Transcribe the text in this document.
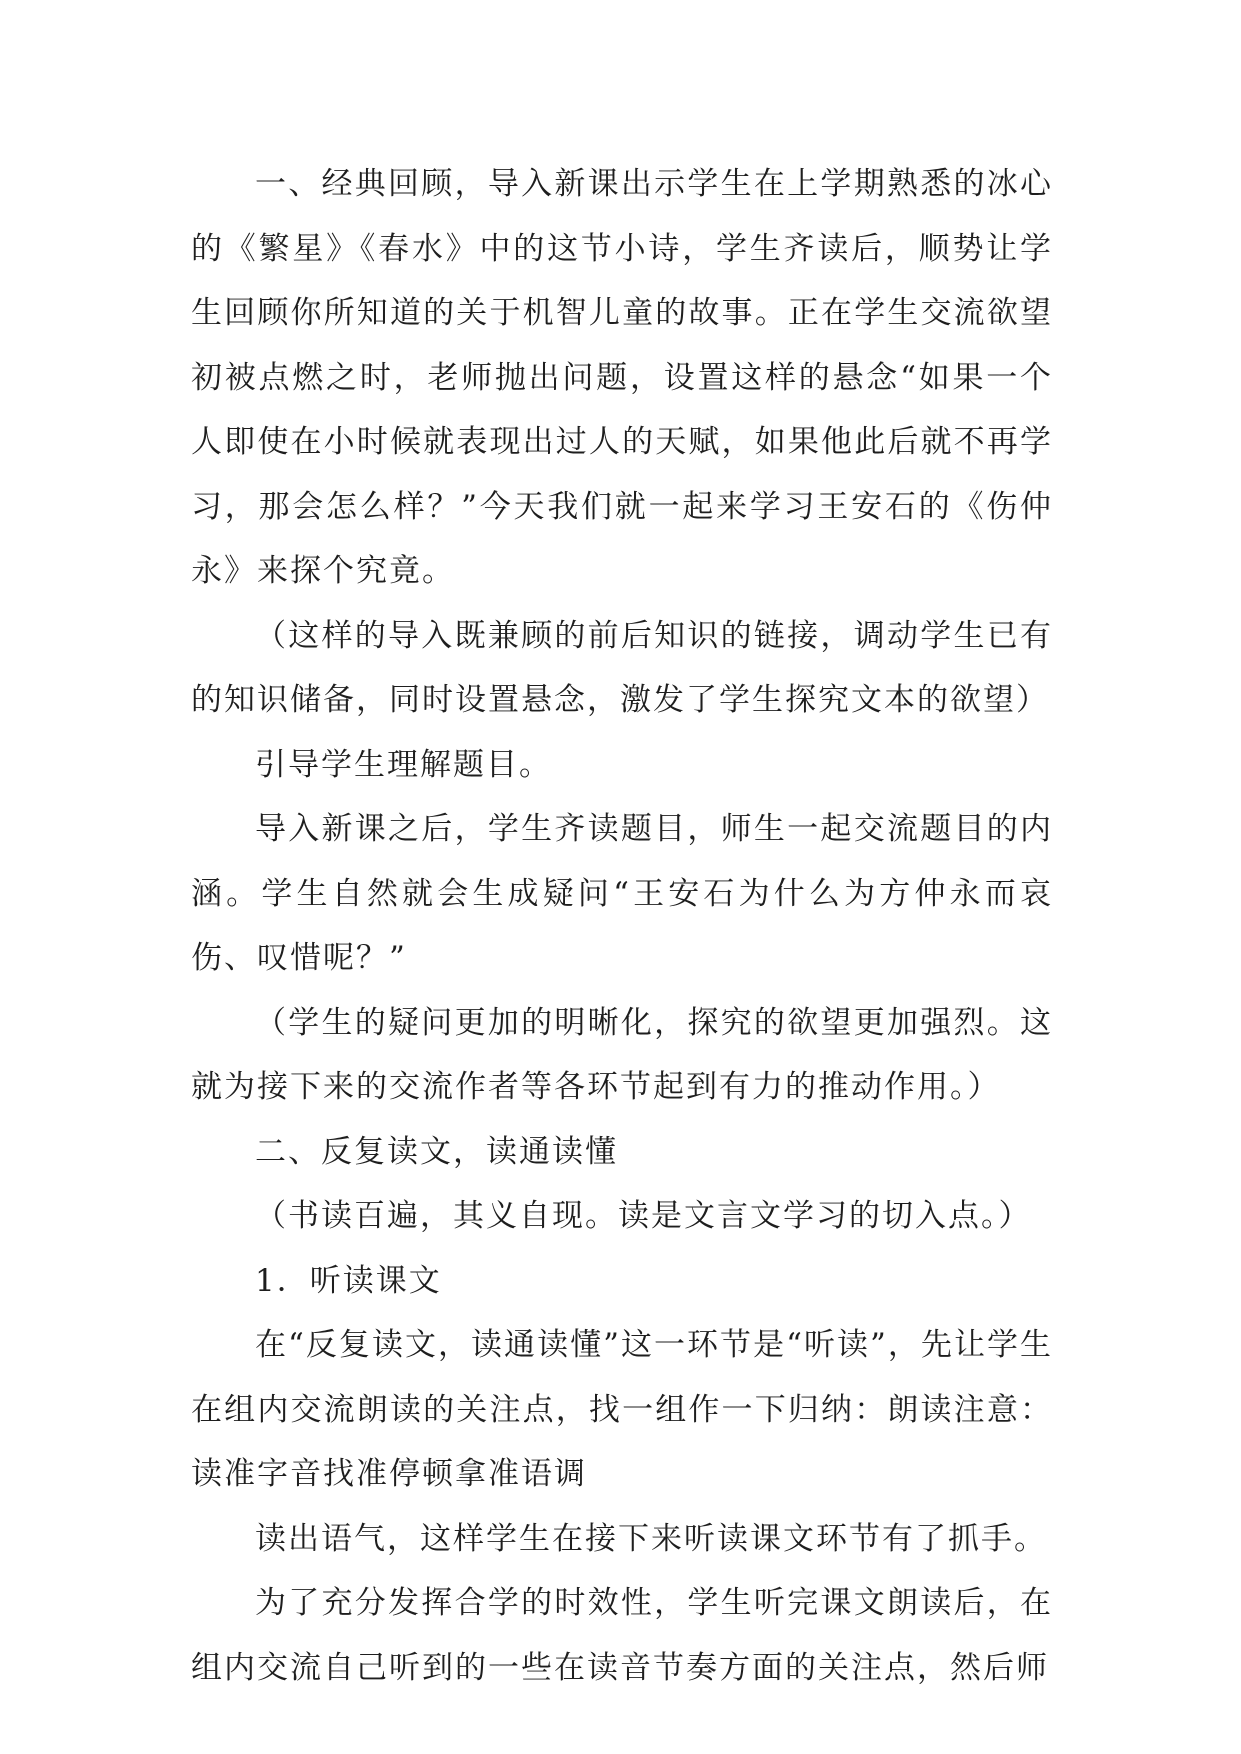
一、经典回顾，导入新课出示学生在上学期熟悉的冰心的《繁星》《春水》中的这节小诗，学生齐读后，顺势让学生回顾你所知道的关于机智儿童的故事。正在学生交流欲望初被点燃之时，老师抛出问题，设置这样的悬念“如果一个人即使在小时候就表现出过人的天赋，如果他此后就不再学习，那会怎么样？”今天我们就一起来学习王安石的《伤仲永》来探个究竟。

（这样的导入既兼顾的前后知识的链接，调动学生已有的知识储备，同时设置悬念，激发了学生探究文本的欲望）

引导学生理解题目。

导入新课之后，学生齐读题目，师生一起交流题目的内涵。学生自然就会生成疑问“王安石为什么为方仲永而哀伤、叹惜呢？”

（学生的疑问更加的明晰化，探究的欲望更加强烈。这就为接下来的交流作者等各环节起到有力的推动作用。）

二、反复读文，读通读懂

（书读百遍，其义自现。读是文言文学习的切入点。）

1．听读课文

在“反复读文，读通读懂”这一环节是“听读”，先让学生在组内交流朗读的关注点，找一组作一下归纳：朗读注意：读准字音找准停顿拿准语调

读出语气，这样学生在接下来听读课文环节有了抓手。

为了充分发挥合学的时效性，学生听完课文朗读后，在组内交流自己听到的一些在读音节奏方面的关注点，然后师
